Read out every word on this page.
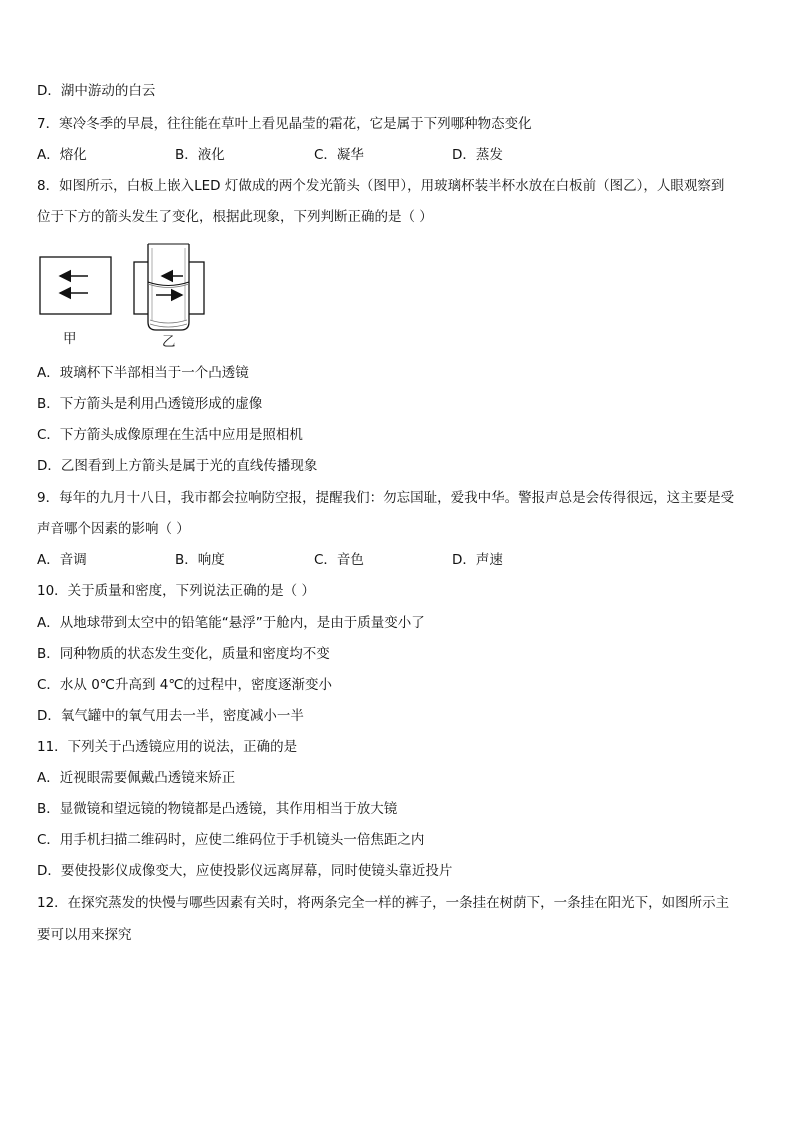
D．湖中游动的白云
7．寒冷冬季的早晨，往往能在草叶上看见晶莹的霜花，它是属于下列哪种物态变化
A．熔化	B．液化	C．凝华	D．蒸发
8．如图所示，白板上嵌入LED 灯做成的两个发光箭头（图甲），用玻璃杯装半杯水放在白板前（图乙），人眼观察到
位于下方的箭头发生了变化，根据此现象，下列判断正确的是（ ）
甲	乙
A．玻璃杯下半部相当于一个凸透镜
B．下方箭头是利用凸透镜形成的虚像
C．下方箭头成像原理在生活中应用是照相机
D．乙图看到上方箭头是属于光的直线传播现象
9．每年的九月十八日，我市都会拉响防空报，提醒我们：勿忘国耻，爱我中华。警报声总是会传得很远，这主要是受
声音哪个因素的影响（ ）
A．音调	B．响度	C．音色	D．声速
10．关于质量和密度，下列说法正确的是（ ）
A．从地球带到太空中的铅笔能“悬浮”于舱内，是由于质量变小了
B．同种物质的状态发生变化，质量和密度均不变
C．水从 0℃升高到 4℃的过程中，密度逐渐变小
D．氧气罐中的氧气用去一半，密度减小一半
11．下列关于凸透镜应用的说法，正确的是
A．近视眼需要佩戴凸透镜来矫正
B．显微镜和望远镜的物镜都是凸透镜，其作用相当于放大镜
C．用手机扫描二维码时，应使二维码位于手机镜头一倍焦距之内
D．要使投影仪成像变大，应使投影仪远离屏幕，同时使镜头靠近投片
12．在探究蒸发的快慢与哪些因素有关时，将两条完全一样的裤子，一条挂在树荫下，一条挂在阳光下，如图所示主
要可以用来探究
